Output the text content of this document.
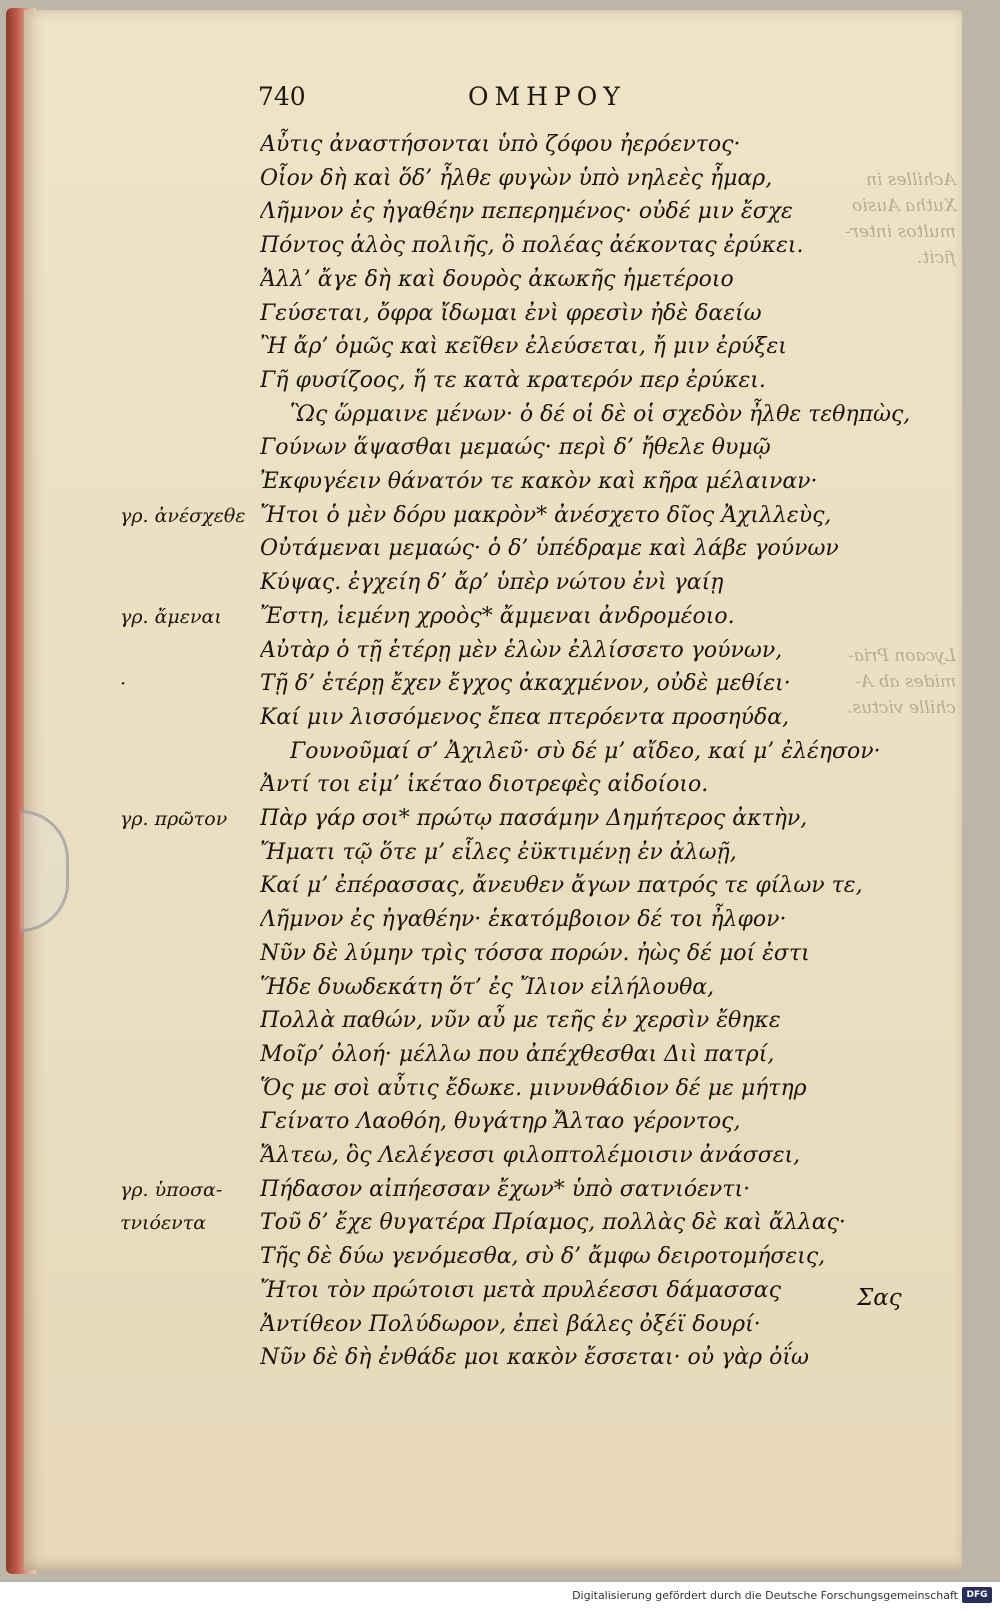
Achilles in
Xutha Ausio
multos inter-
ficit.
Lycaon Pria-
mides ab A-
chille victus.
740	ΟΜΗΡΟΥ
Αὖτις ἀναστήσονται ὑπὸ ζόφου ἠερόεντος·
Οἷον δὴ καὶ ὅδ’ ἦλθε φυγὼν ὑπὸ νηλεὲς ἦμαρ,
Λῆμνον ἐς ἠγαθέην πεπερημένος· οὐδέ μιν ἔσχε
Πόντος ἁλὸς πολιῆς, ὃ πολέας ἀέκοντας ἐρύκει.
Ἀλλ’ ἄγε δὴ καὶ δουρὸς ἀκωκῆς ἡμετέροιο
Γεύσεται, ὄφρα ἴδωμαι ἐνὶ φρεσὶν ἠδὲ δαείω
Ἢ ἄρ’ ὁμῶς καὶ κεῖθεν ἐλεύσεται, ἤ μιν ἐρύξει
Γῆ φυσίζοος, ἥ τε κατὰ κρατερόν περ ἐρύκει.
Ὣς ὥρμαινε μένων· ὁ δέ οἱ δὲ οἱ σχεδὸν ἦλθε τεθηπὼς,
Γούνων ἅψασθαι μεμαώς· περὶ δ’ ἤθελε θυμῷ
Ἐκφυγέειν θάνατόν τε κακὸν καὶ κῆρα μέλαιναν·
Ἤτοι ὁ μὲν δόρυ μακρὸν* ἀνέσχετο δῖος Ἀχιλλεὺς,
Οὐτάμεναι μεμαώς· ὁ δ’ ὑπέδραμε καὶ λάβε γούνων
Κύψας. ἐγχείη δ’ ἄρ’ ὑπὲρ νώτου ἐνὶ γαίῃ
Ἔστη, ἱεμένη χροὸς* ἄμμεναι ἀνδρομέοιο.
Αὐτὰρ ὁ τῇ ἑτέρῃ μὲν ἑλὼν ἐλλίσσετο γούνων,
Τῇ δ’ ἑτέρῃ ἔχεν ἔγχος ἀκαχμένον, οὐδὲ μεθίει·
Καί μιν λισσόμενος ἔπεα πτερόεντα προσηύδα,
Γουνοῦμαί σ’ Ἀχιλεῦ· σὺ δέ μ’ αἴδεο, καί μ’ ἐλέησον·
Ἀντί τοι εἰμ’ ἱκέταο διοτρεφὲς αἰδοίοιο.
Πὰρ γάρ σοι* πρώτῳ πασάμην Δημήτερος ἀκτὴν,
Ἤματι τῷ ὅτε μ’ εἷλες ἐϋκτιμένῃ ἐν ἀλωῇ,
Καί μ’ ἐπέρασσας, ἄνευθεν ἄγων πατρός τε φίλων τε,
Λῆμνον ἐς ἠγαθέην· ἑκατόμβοιον δέ τοι ἦλφον·
Νῦν δὲ λύμην τρὶς τόσσα πορών. ἠὼς δέ μοί ἐστι
Ἥδε δυωδεκάτη ὅτ’ ἐς Ἴλιον εἰλήλουθα,
Πολλὰ παθών, νῦν αὖ με τεῆς ἐν χερσὶν ἔθηκε
Μοῖρ’ ὀλοή· μέλλω που ἀπέχθεσθαι Διὶ πατρί,
Ὅς με σοὶ αὖτις ἔδωκε. μινυνθάδιον δέ με μήτηρ
Γείνατο Λαοθόη, θυγάτηρ Ἄλταο γέροντος,
Ἄλτεω, ὃς Λελέγεσσι φιλοπτολέμοισιν ἀνάσσει,
Πήδασον αἰπήεσσαν ἔχων* ὑπὸ σατνιόεντι·
Τοῦ δ’ ἔχε θυγατέρα Πρίαμος, πολλὰς δὲ καὶ ἄλλας·
Τῆς δὲ δύω γενόμεσθα, σὺ δ’ ἄμφω δειροτομήσεις,
Ἤτοι τὸν πρώτοισι μετὰ πρυλέεσσι δάμασσας
Ἀντίθεον Πολύδωρον, ἐπεὶ βάλες ὀξέϊ δουρί·
Νῦν δὲ δὴ ἐνθάδε μοι κακὸν ἔσσεται· οὐ γὰρ ὀΐω
γρ. ἀνέσχεθε
γρ. ἄμεναι
·
γρ. πρῶτον
γρ. ὑποσα-
τνιόεντα
Σας
Digitalisierung gefördert durch die Deutsche Forschungsgemeinschaft DFG
